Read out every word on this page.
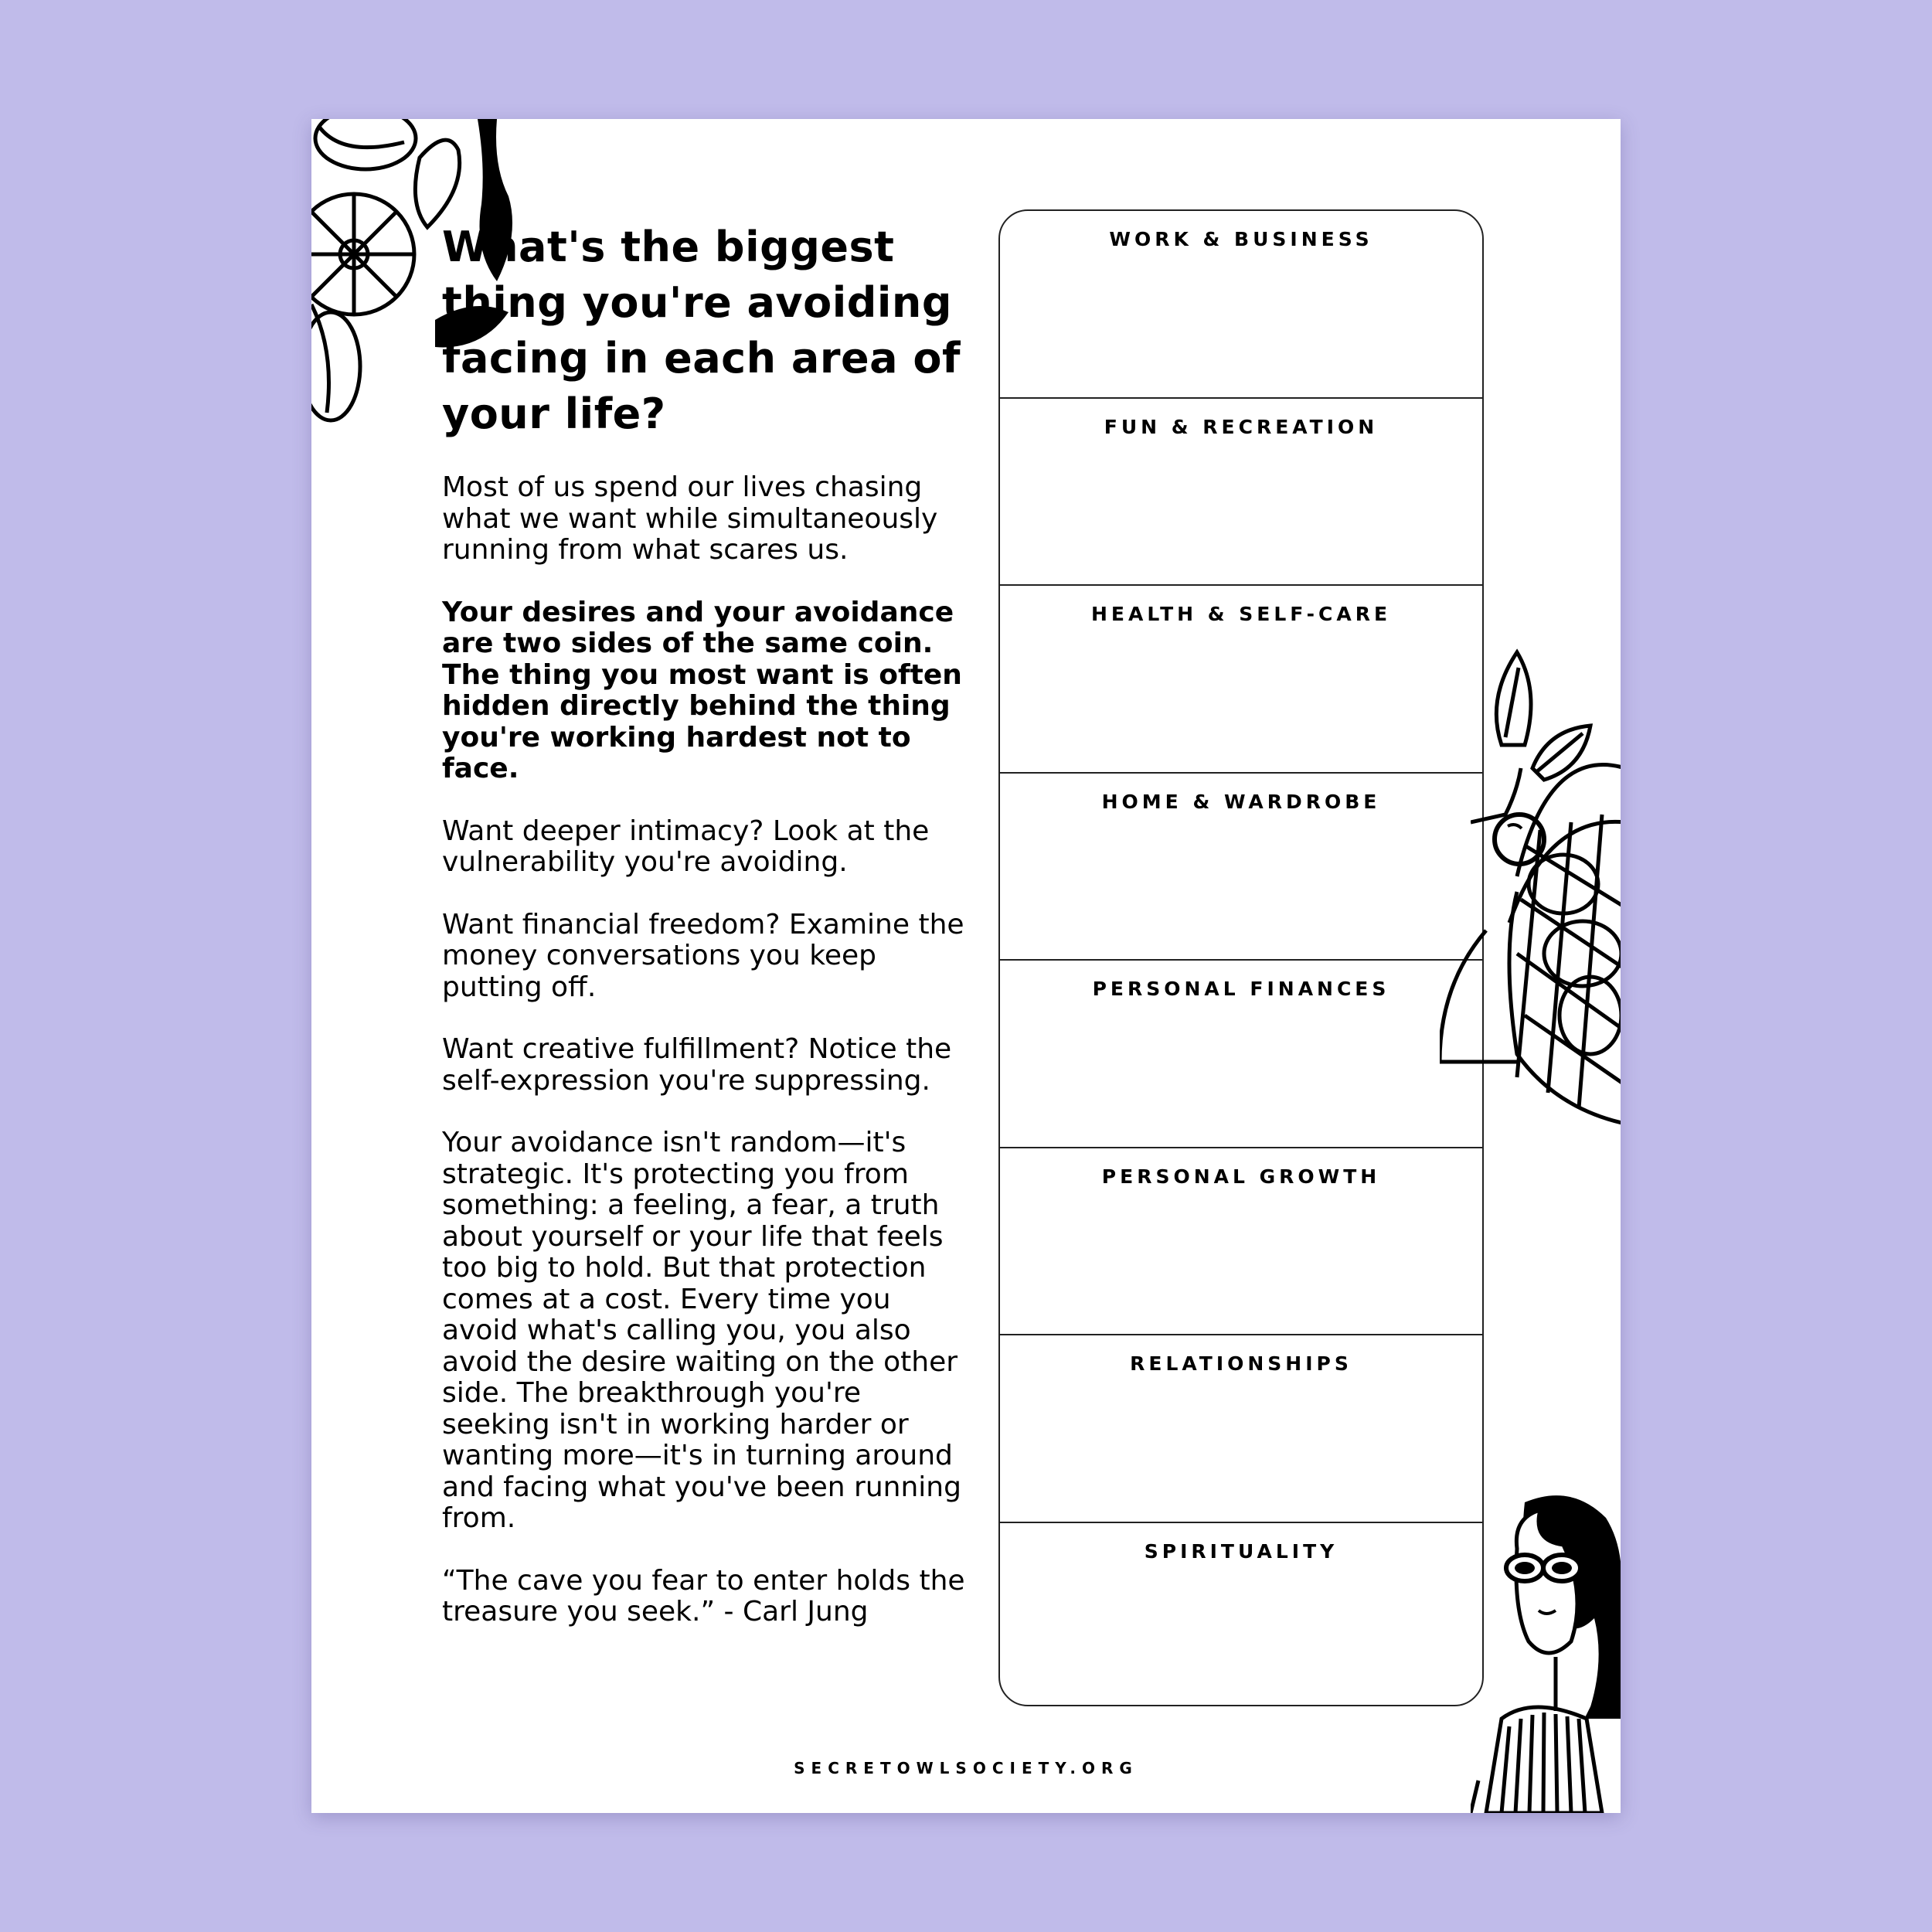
What's the biggest thing you're avoiding facing in each area of your life?

Most of us spend our lives chasing what we want while simultaneously running from what scares us.

Your desires and your avoidance are two sides of the same coin. The thing you most want is often hidden directly behind the thing you're working hardest not to face.

Want deeper intimacy? Look at the vulnerability you're avoiding.

Want financial freedom? Examine the money conversations you keep putting off.

Want creative fulfillment? Notice the self-expression you're suppressing.

Your avoidance isn't random—it's strategic. It's protecting you from something: a feeling, a fear, a truth about yourself or your life that feels too big to hold. But that protection comes at a cost. Every time you avoid what's calling you, you also avoid the desire waiting on the other side. The breakthrough you're seeking isn't in working harder or wanting more—it's in turning around and facing what you've been running from.

“The cave you fear to enter holds the treasure you seek.” - Carl Jung

WORK & BUSINESS
FUN & RECREATION
HEALTH & SELF-CARE
HOME & WARDROBE
PERSONAL FINANCES
PERSONAL GROWTH
RELATIONSHIPS
SPIRITUALITY
SECRETOWLSOCIETY.ORG
